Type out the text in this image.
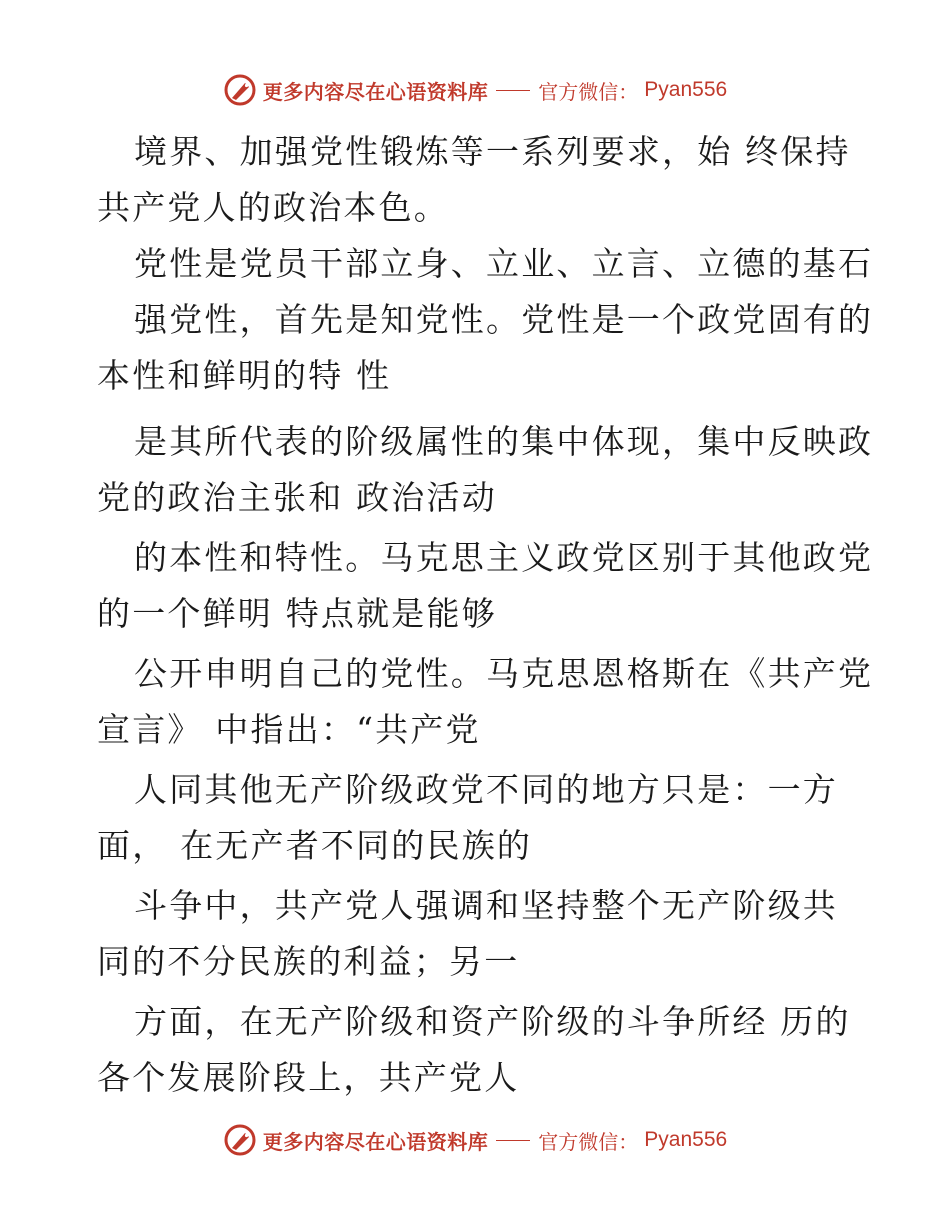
更多内容尽在心语资料库	官方微信： Pyan556
境界、加强党性锻炼等一系列要求，始 终保持
共产党人的政治本色。
党性是党员干部立身、立业、立言、立德的基石
强党性，首先是知党性。党性是一个政党固有的
本性和鲜明的特 性
是其所代表的阶级属性的集中体现，集中反映政
党的政治主张和 政治活动
的本性和特性。马克思主义政党区别于其他政党
的一个鲜明 特点就是能够
公开申明自己的党性。马克思恩格斯在《共产党
宣言》 中指出：“共产党
人同其他无产阶级政党不同的地方只是：一方
面， 在无产者不同的民族的
斗争中，共产党人强调和坚持整个无产阶级共
同的不分民族的利益；另一
方面，在无产阶级和资产阶级的斗争所经 历的
各个发展阶段上，共产党人
更多内容尽在心语资料库	官方微信： Pyan556
